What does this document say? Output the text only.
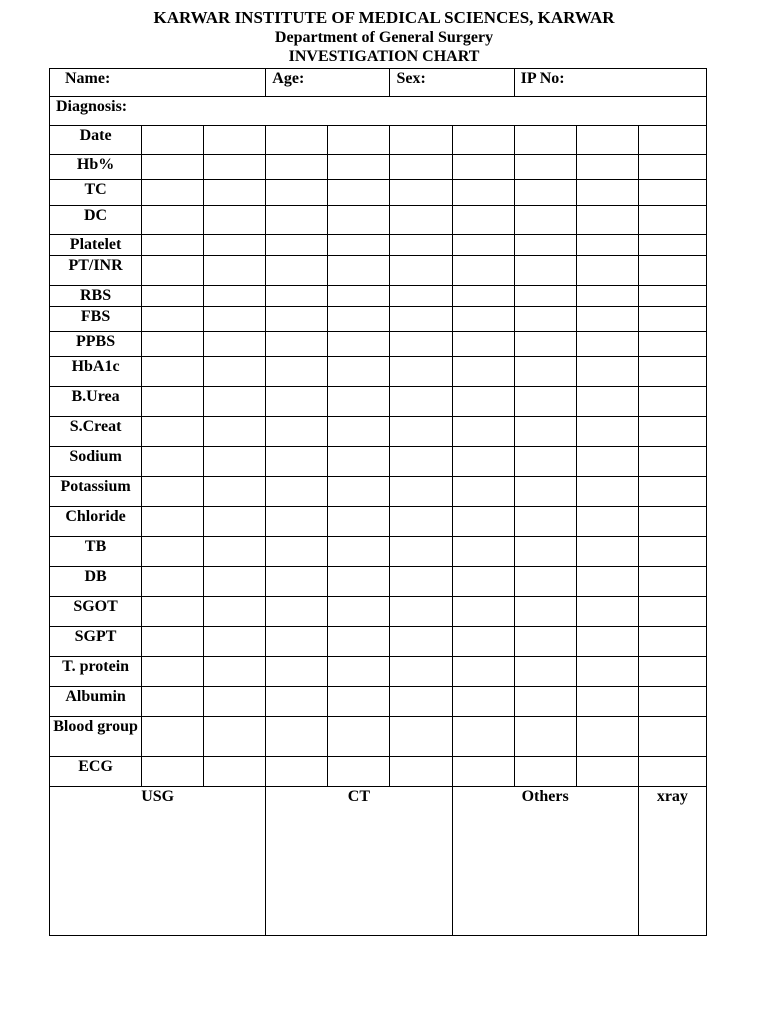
KARWAR INSTITUTE OF MEDICAL SCIENCES, KARWAR
Department of General Surgery
INVESTIGATION CHART
Name:			Age:		Sex:		IP No:		
Diagnosis:									
Date									
Hb%									
TC									
DC									
Platelet									
PT/INR									
RBS									
FBS									
PPBS									
HbA1c									
B.Urea									
S.Creat									
Sodium									
Potassium									
Chloride									
TB									
DB									
SGOT									
SGPT									
T. protein									
Albumin									
Blood group									
ECG									
USG			CT			Others			xray
